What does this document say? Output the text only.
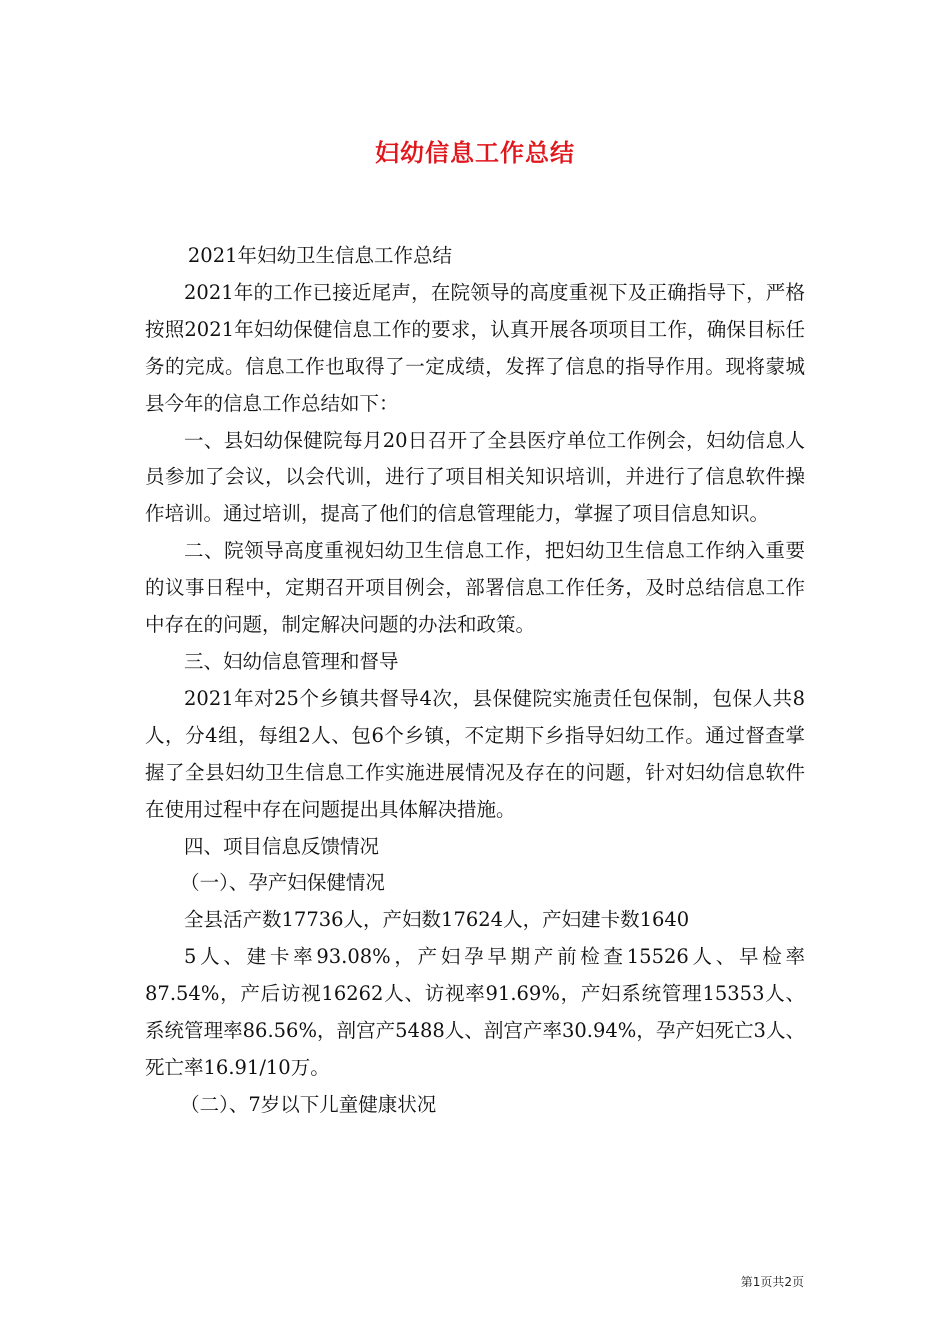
妇幼信息工作总结

2021年妇幼卫生信息工作总结

2021年的工作已接近尾声，在院领导的高度重视下及正确指导下，严格按照2021年妇幼保健信息工作的要求，认真开展各项项目工作，确保目标任务的完成。信息工作也取得了一定成绩，发挥了信息的指导作用。现将蒙城县今年的信息工作总结如下：

一、县妇幼保健院每月20日召开了全县医疗单位工作例会，妇幼信息人员参加了会议，以会代训，进行了项目相关知识培训，并进行了信息软件操作培训。通过培训，提高了他们的信息管理能力，掌握了项目信息知识。

二、院领导高度重视妇幼卫生信息工作，把妇幼卫生信息工作纳入重要的议事日程中，定期召开项目例会，部署信息工作任务，及时总结信息工作中存在的问题，制定解决问题的办法和政策。

三、妇幼信息管理和督导

2021年对25个乡镇共督导4次，县保健院实施责任包保制，包保人共8人，分4组，每组2人、包6个乡镇，不定期下乡指导妇幼工作。通过督查掌握了全县妇幼卫生信息工作实施进展情况及存在的问题，针对妇幼信息软件在使用过程中存在问题提出具体解决措施。

四、项目信息反馈情况

（一）、孕产妇保健情况

全县活产数17736人，产妇数17624人，产妇建卡数1640

5人、建卡率93.08%，产妇孕早期产前检查15526人、早检率87.54%，产后访视16262人、访视率91.69%，产妇系统管理15353人、系统管理率86.56%，剖宫产5488人、剖宫产率30.94%，孕产妇死亡3人、死亡率16.91/10万。

（二）、7岁以下儿童健康状况

第1页共2页
